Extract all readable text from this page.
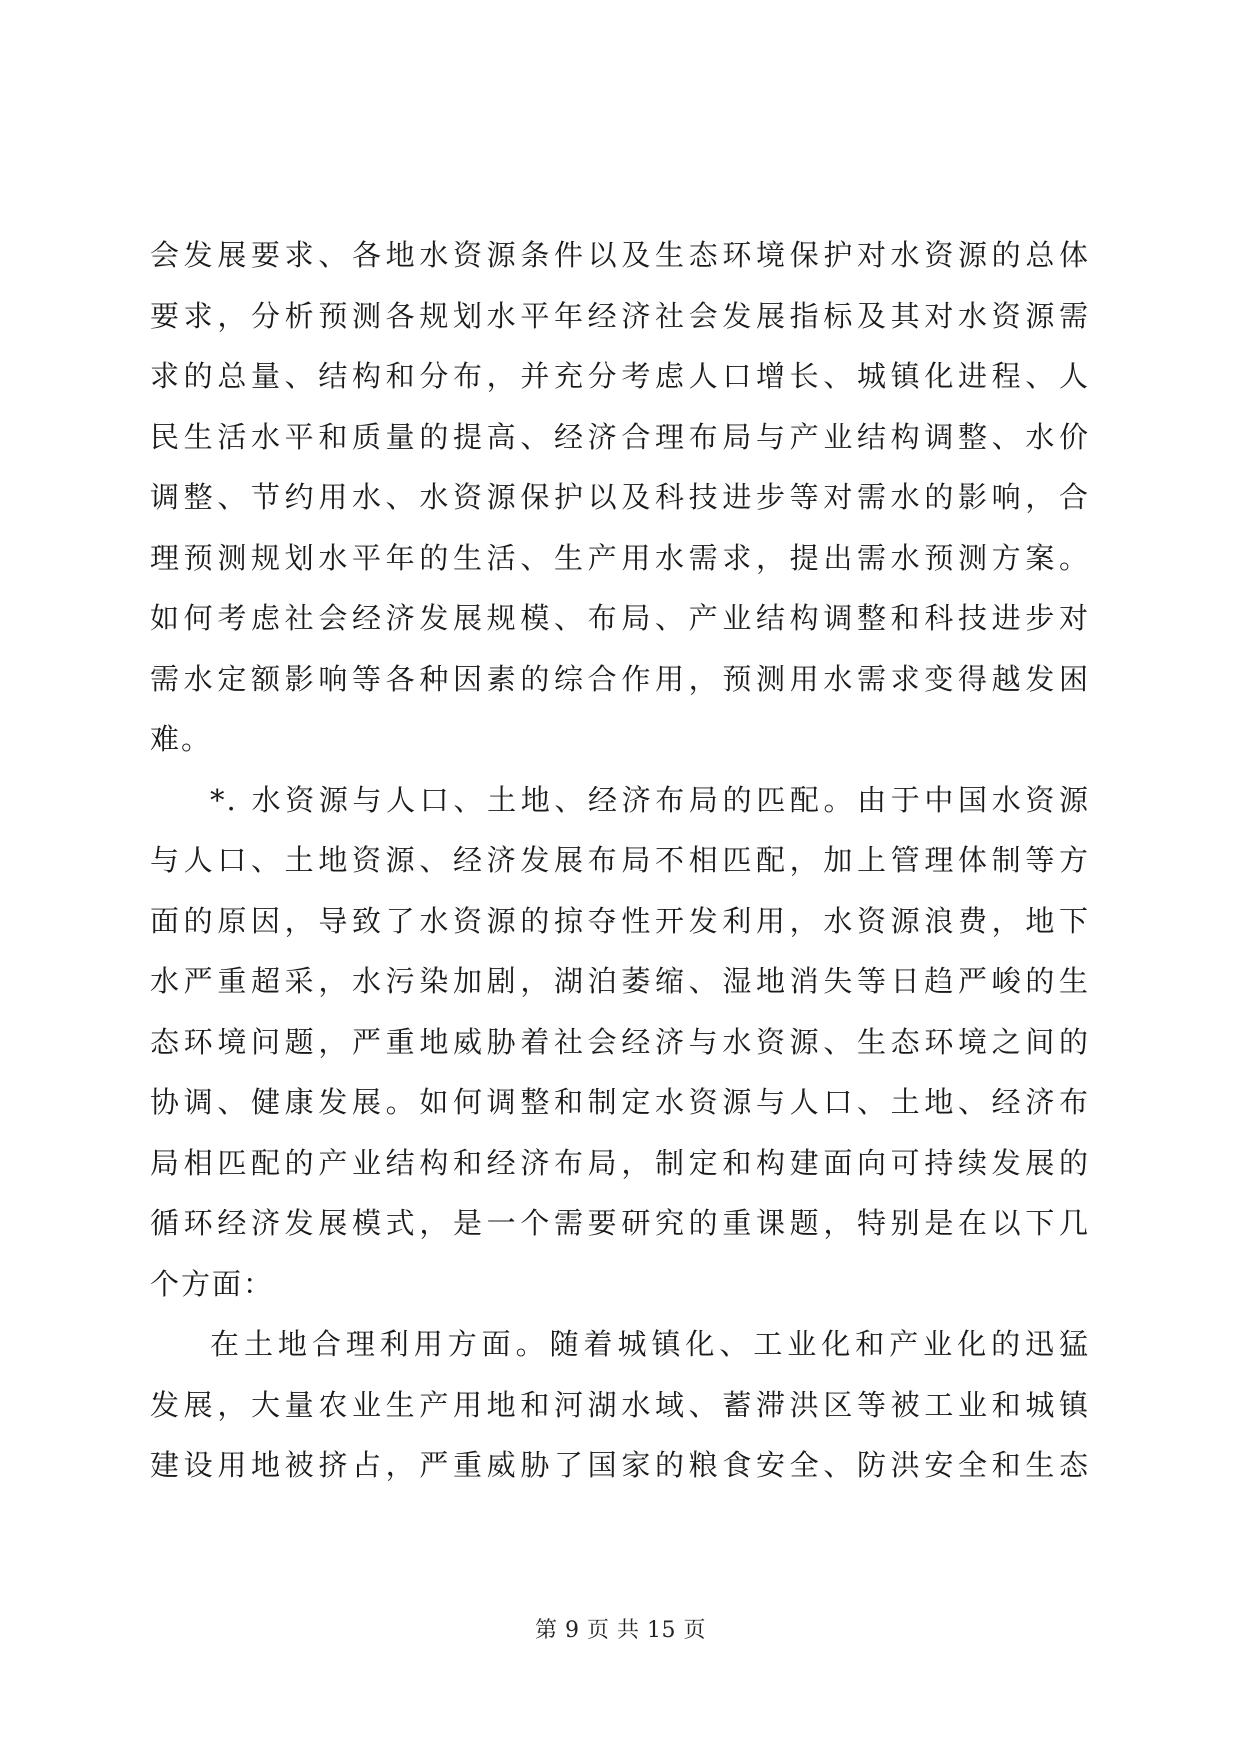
会发展要求、各地水资源条件以及生态环境保护对水资源的总体
要求，分析预测各规划水平年经济社会发展指标及其对水资源需
求的总量、结构和分布，并充分考虑人口增长、城镇化进程、人
民生活水平和质量的提高、经济合理布局与产业结构调整、水价
调整、节约用水、水资源保护以及科技进步等对需水的影响，合
理预测规划水平年的生活、生产用水需求，提出需水预测方案。
如何考虑社会经济发展规模、布局、产业结构调整和科技进步对
需水定额影响等各种因素的综合作用，预测用水需求变得越发困
难。
*. 水资源与人口、土地、经济布局的匹配。由于中国水资源
与人口、土地资源、经济发展布局不相匹配，加上管理体制等方
面的原因，导致了水资源的掠夺性开发利用，水资源浪费，地下
水严重超采，水污染加剧，湖泊萎缩、湿地消失等日趋严峻的生
态环境问题，严重地威胁着社会经济与水资源、生态环境之间的
协调、健康发展。如何调整和制定水资源与人口、土地、经济布
局相匹配的产业结构和经济布局，制定和构建面向可持续发展的
循环经济发展模式，是一个需要研究的重课题，特别是在以下几
个方面：
在土地合理利用方面。随着城镇化、工业化和产业化的迅猛
发展，大量农业生产用地和河湖水域、蓄滞洪区等被工业和城镇
建设用地被挤占，严重威胁了国家的粮食安全、防洪安全和生态
第 9 页 共 15 页
